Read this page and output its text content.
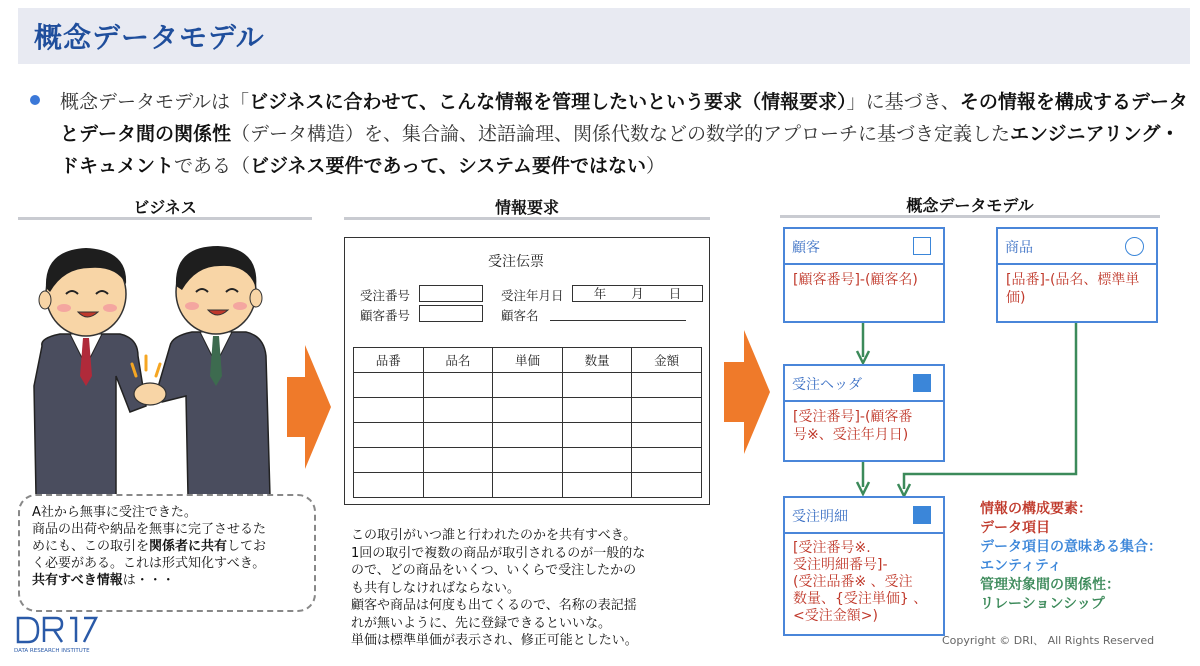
概念データモデル
概念データモデルは「ビジネスに合わせて、こんな情報を管理したいという要求（情報要求）」に基づき、その情報を構成するデータとデータ間の関係性（データ構造）を、集合論、述語論理、関係代数などの数学的アプローチに基づき定義したエンジニアリング・ドキュメントである（ビジネス要件であって、システム要件ではない）
ビジネス	情報要求	概念データモデル
A社から無事に受注できた。
商品の出荷や納品を無事に完了させるた
めにも、この取引を関係者に共有してお
く必要がある。これは形式知化すべき。
共有すべき情報は・・・
受注伝票
受注番号	受注年月日	年　　月　　日
顧客番号	顧客名
品番	品名	単価	数量	金額

この取引がいつ誰と行われたのかを共有すべき。
1回の取引で複数の商品が取引されるのが一般的な
ので、どの商品をいくつ、いくらで受注したかの
も共有しなければならない。
顧客や商品は何度も出てくるので、名称の表記揺
れが無いように、先に登録できるといいな。
単価は標準単価が表示され、修正可能としたい。
顧客
[顧客番号]-(顧客名)
商品
[品番]-(品名、標準単
価)
受注ヘッダ
[受注番号]-(顧客番
号※、受注年月日)
受注明細
[受注番号※.
受注明細番号]-
(受注品番※ 、受注
数量、{受注単価} 、
<受注金額>)
情報の構成要素：
データ項目
データ項目の意味ある集合：
エンティティ
管理対象間の関係性：
リレーションシップ
DATA RESEARCH INSTITUTE
Copyright © DRI、 All Rights Reserved
